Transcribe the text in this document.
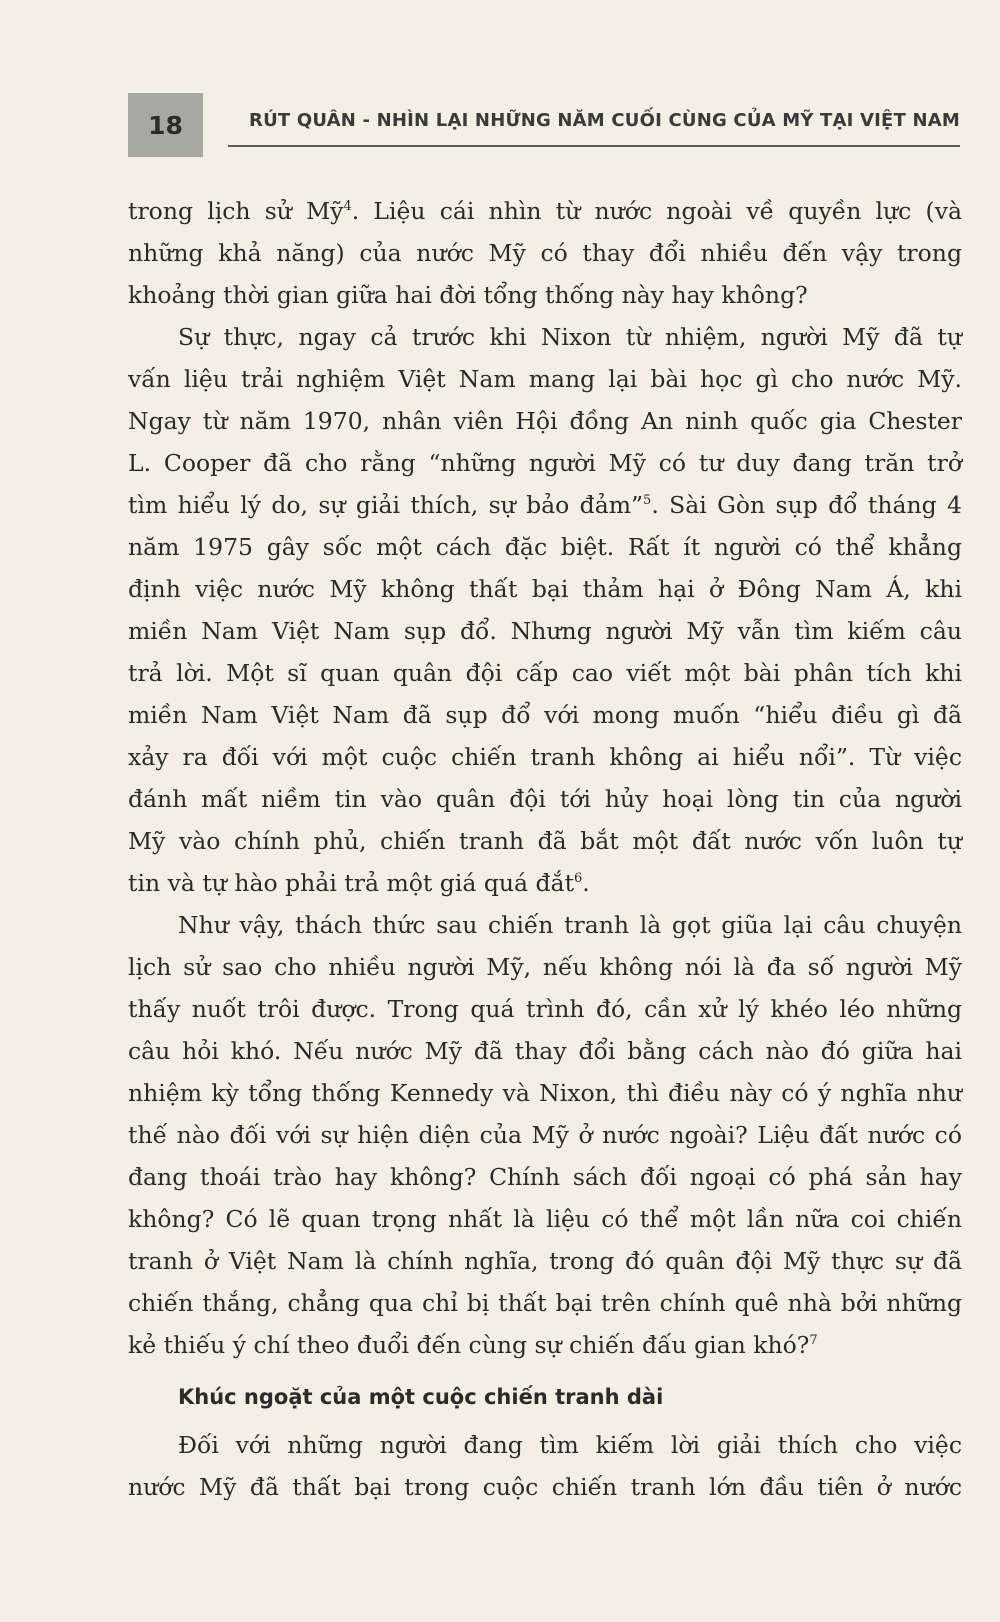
18	RÚT QUÂN - NHÌN LẠI NHỮNG NĂM CUỐI CÙNG CỦA MỸ TẠI VIỆT NAM
trong lịch sử Mỹ$^4$. Liệu cái nhìn từ nước ngoài về quyền lực (và
những khả năng) của nước Mỹ có thay đổi nhiều đến vậy trong
khoảng thời gian giữa hai đời tổng thống này hay không?
Sự thực, ngay cả trước khi Nixon từ nhiệm, người Mỹ đã tự
vấn liệu trải nghiệm Việt Nam mang lại bài học gì cho nước Mỹ.
Ngay từ năm 1970, nhân viên Hội đồng An ninh quốc gia Chester
L. Cooper đã cho rằng “những người Mỹ có tư duy đang trăn trở
tìm hiểu lý do, sự giải thích, sự bảo đảm”$^5$. Sài Gòn sụp đổ tháng 4
năm 1975 gây sốc một cách đặc biệt. Rất ít người có thể khẳng
định việc nước Mỹ không thất bại thảm hại ở Đông Nam Á, khi
miền Nam Việt Nam sụp đổ. Nhưng người Mỹ vẫn tìm kiếm câu
trả lời. Một sĩ quan quân đội cấp cao viết một bài phân tích khi
miền Nam Việt Nam đã sụp đổ với mong muốn “hiểu điều gì đã
xảy ra đối với một cuộc chiến tranh không ai hiểu nổi”. Từ việc
đánh mất niềm tin vào quân đội tới hủy hoại lòng tin của người
Mỹ vào chính phủ, chiến tranh đã bắt một đất nước vốn luôn tự
tin và tự hào phải trả một giá quá đắt$^6$.
Như vậy, thách thức sau chiến tranh là gọt giũa lại câu chuyện
lịch sử sao cho nhiều người Mỹ, nếu không nói là đa số người Mỹ
thấy nuốt trôi được. Trong quá trình đó, cần xử lý khéo léo những
câu hỏi khó. Nếu nước Mỹ đã thay đổi bằng cách nào đó giữa hai
nhiệm kỳ tổng thống Kennedy và Nixon, thì điều này có ý nghĩa như
thế nào đối với sự hiện diện của Mỹ ở nước ngoài? Liệu đất nước có
đang thoái trào hay không? Chính sách đối ngoại có phá sản hay
không? Có lẽ quan trọng nhất là liệu có thể một lần nữa coi chiến
tranh ở Việt Nam là chính nghĩa, trong đó quân đội Mỹ thực sự đã
chiến thắng, chẳng qua chỉ bị thất bại trên chính quê nhà bởi những
kẻ thiếu ý chí theo đuổi đến cùng sự chiến đấu gian khó?$^7$
Khúc ngoặt của một cuộc chiến tranh dài
Đối với những người đang tìm kiếm lời giải thích cho việc
nước Mỹ đã thất bại trong cuộc chiến tranh lớn đầu tiên ở nước
